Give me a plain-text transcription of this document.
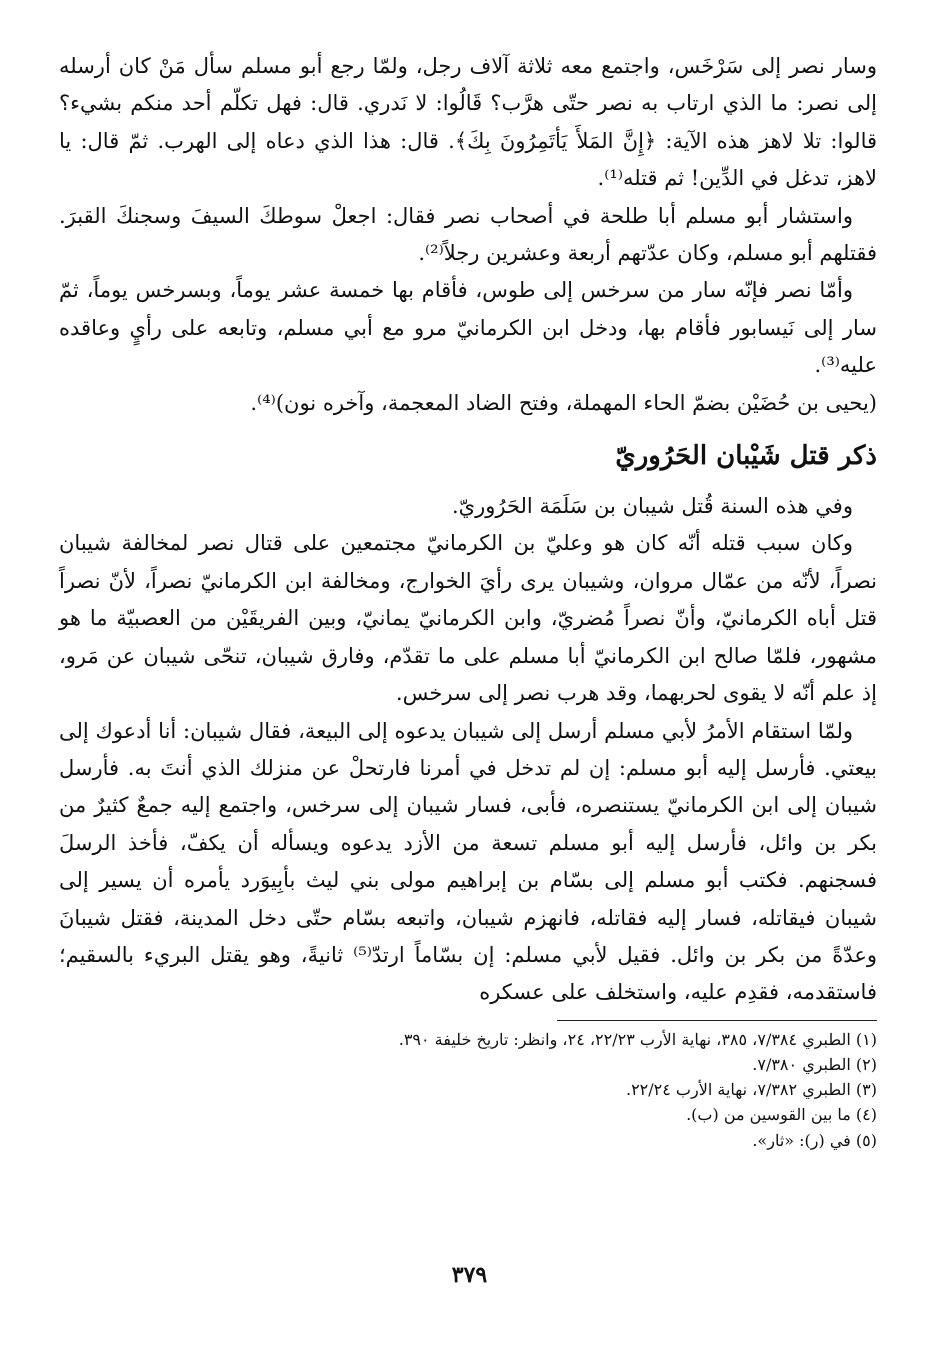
وسار نصر إلى سَرْخَس، واجتمع معه ثلاثة آلاف رجل، ولمّا رجع أبو مسلم سأل مَنْ كان أرسله إلى نصر: ما الذي ارتاب به نصر حتّى هرَّب؟ قَالُوا: لا نَدري. قال: فهل تكلّم أحد منكم بشيء؟ قالوا: تلا لاهز هذه الآية: ﴿إِنَّ المَلأَ يَأتَمِرُونَ بِكَ﴾. قال: هذا الذي دعاه إلى الهرب. ثمّ قال: يا لاهز، تدغل في الدِّين! ثم قتله⁽¹⁾.

واستشار أبو مسلم أبا طلحة في أصحاب نصر فقال: اجعلْ سوطكَ السيفَ وسجنكَ القبرَ. فقتلهم أبو مسلم، وكان عدّتهم أربعة وعشرين رجلاً⁽²⁾.

وأمّا نصر فإنّه سار من سرخس إلى طوس، فأقام بها خمسة عشر يوماً، وبسرخس يوماً، ثمّ سار إلى نَيسابور فأقام بها، ودخل ابن الكرمانيّ مرو مع أبي مسلم، وتابعه على رأيٍ وعاقده عليه⁽³⁾.

(يحيى بن حُضَيْن بضمّ الحاء المهملة، وفتح الضاد المعجمة، وآخره نون)⁽⁴⁾.

ذكر قتل شَيْبان الحَرُوريّ

وفي هذه السنة قُتل شيبان بن سَلَمَة الحَرُوريّ.

وكان سبب قتله أنّه كان هو وعليّ بن الكرمانيّ مجتمعين على قتال نصر لمخالفة شيبان نصراً، لأنّه من عمّال مروان، وشيبان يرى رأيَ الخوارج، ومخالفة ابن الكرمانيّ نصراً، لأنّ نصراً قتل أباه الكرمانيّ، وأنّ نصراً مُضريّ، وابن الكرمانيّ يمانيّ، وبين الفريقَيْن من العصبيّة ما هو مشهور، فلمّا صالح ابن الكرمانيّ أبا مسلم على ما تقدّم، وفارق شيبان، تنحّى شيبان عن مَرو، إذ علم أنّه لا يقوى لحربهما، وقد هرب نصر إلى سرخس.

ولمّا استقام الأمرُ لأبي مسلم أرسل إلى شيبان يدعوه إلى البيعة، فقال شيبان: أنا أدعوك إلى بيعتي. فأرسل إليه أبو مسلم: إن لم تدخل في أمرنا فارتحلْ عن منزلك الذي أنتَ به. فأرسل شيبان إلى ابن الكرمانيّ يستنصره، فأبى، فسار شيبان إلى سرخس، واجتمع إليه جمعٌ كثيرٌ من بكر بن وائل، فأرسل إليه أبو مسلم تسعة من الأزد يدعوه ويسأله أن يكفّ، فأخذ الرسلَ فسجنهم. فكتب أبو مسلم إلى بسّام بن إبراهيم مولى بني ليث بأبِيوَرد يأمره أن يسير إلى شيبان فيقاتله، فسار إليه فقاتله، فانهزم شيبان، واتبعه بسّام حتّى دخل المدينة، فقتل شيبانَ وعدّةً من بكر بن وائل. فقيل لأبي مسلم: إن بسّاماً ارتدّ⁽⁵⁾ ثانيةً، وهو يقتل البريء بالسقيم؛ فاستقدمه، فقدِم عليه، واستخلف على عسكره

(١) الطبري ٧/٣٨٤، ٣٨٥، نهاية الأرب ٢٢/٢٣، ٢٤، وانظر: تاريخ خليفة ٣٩٠.
(٢) الطبري ٧/٣٨٠.
(٣) الطبري ٧/٣٨٢، نهاية الأرب ٢٢/٢٤.
(٤) ما بين القوسين من (ب).
(٥) في (ر): «ثار».
٣٧٩
